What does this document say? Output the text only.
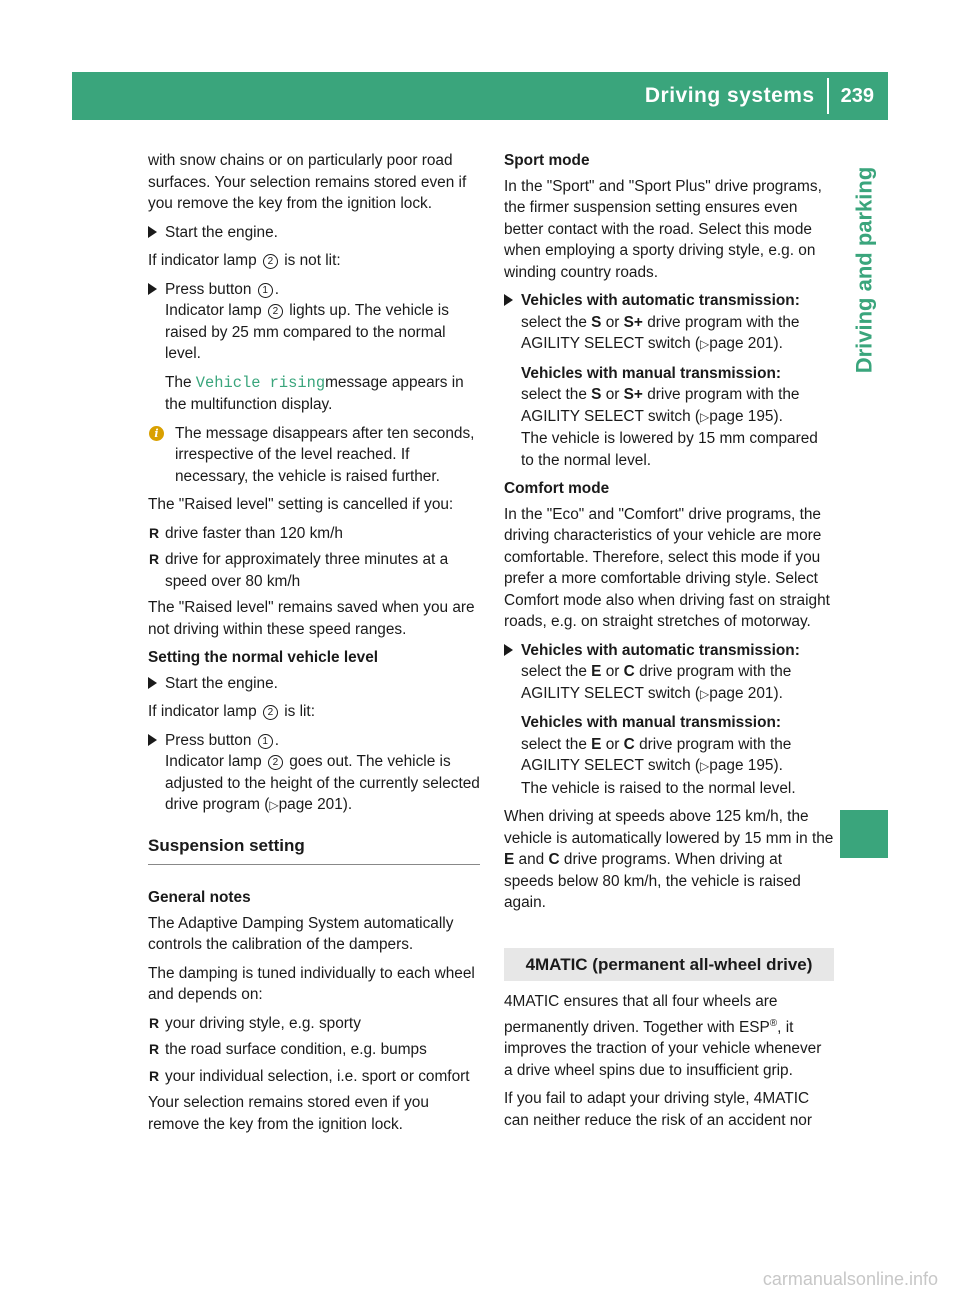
Driving systems	239
Driving and parking

with snow chains or on particularly poor road surfaces. Your selection remains stored even if you remove the key from the ignition lock.

Start the engine.

If indicator lamp 2 is not lit:

Press button 1 .
Indicator lamp 2 lights up. The vehicle is raised by 25 mm compared to the normal level.

The Vehicle risingmessage appears in the multifunction display.

i	The message disappears after ten seconds, irrespective of the level reached. If necessary, the vehicle is raised further.

The "Raised level" setting is cancelled if you:

R drive faster than 120 km/h
R drive for approximately three minutes at a speed over 80 km/h

The "Raised level" remains saved when you are not driving within these speed ranges.

Setting the normal vehicle level
Start the engine.

If indicator lamp 2 is lit:

Press button 1 .
Indicator lamp 2 goes out. The vehicle is adjusted to the height of the currently selected drive program (▷page 201).
Suspension setting
General notes

The Adaptive Damping System automatically controls the calibration of the dampers.

The damping is tuned individually to each wheel and depends on:

R your driving style, e.g. sporty
R the road surface condition, e.g. bumps
R your individual selection, i.e. sport or comfort

Your selection remains stored even if you remove the key from the ignition lock.

Sport mode

In the "Sport" and "Sport Plus" drive programs, the firmer suspension setting ensures even better contact with the road. Select this mode when employing a sporty driving style, e.g. on winding country roads.

Vehicles with automatic transmission:
select the S or S+ drive program with the AGILITY SELECT switch (▷page 201).
Vehicles with manual transmission:
select the S or S+ drive program with the AGILITY SELECT switch (▷page 195).
The vehicle is lowered by 15 mm compared to the normal level.
Comfort mode

In the "Eco" and "Comfort" drive programs, the driving characteristics of your vehicle are more comfortable. Therefore, select this mode if you prefer a more comfortable driving style. Select Comfort mode also when driving fast on straight roads, e.g. on straight stretches of motorway.

Vehicles with automatic transmission:
select the E or C drive program with the AGILITY SELECT switch (▷page 201).
Vehicles with manual transmission:
select the E or C drive program with the AGILITY SELECT switch (▷page 195).
The vehicle is raised to the normal level.

When driving at speeds above 125 km/h, the vehicle is automatically lowered by 15 mm in the E and C drive programs. When driving at speeds below 80 km/h, the vehicle is raised again.

4MATIC (permanent all-wheel drive)

4MATIC ensures that all four wheels are permanently driven. Together with ESP®, it improves the traction of your vehicle whenever a drive wheel spins due to insufficient grip.

If you fail to adapt your driving style, 4MATIC can neither reduce the risk of an accident nor

carmanualsonline.info
